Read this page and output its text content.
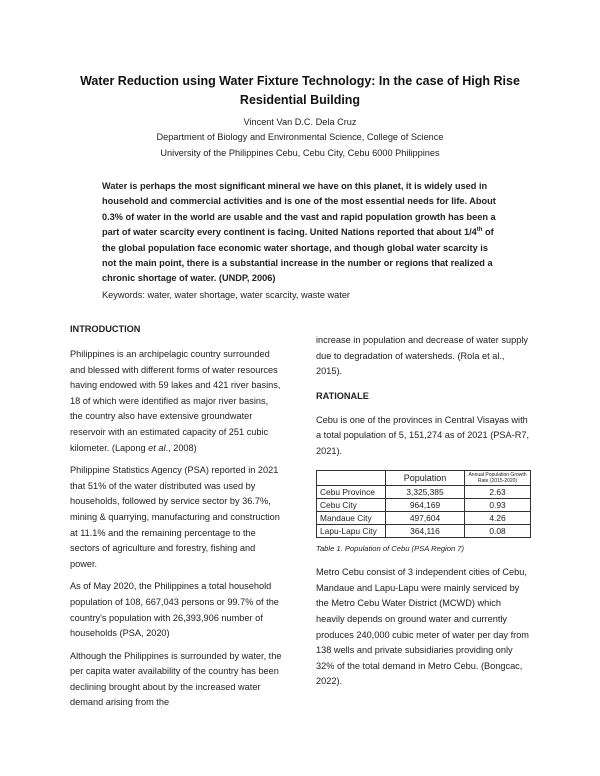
Water Reduction using Water Fixture Technology: In the case of High Rise Residential Building
Vincent Van D.C. Dela Cruz
Department of Biology and Environmental Science, College of Science
University of the Philippines Cebu, Cebu City, Cebu 6000 Philippines
Water is perhaps the most significant mineral we have on this planet, it is widely used in household and commercial activities and is one of the most essential needs for life. About 0.3% of water in the world are usable and the vast and rapid population growth has been a part of water scarcity every continent is facing. United Nations reported that about 1/4th of the global population face economic water shortage, and though global water scarcity is not the main point, there is a substantial increase in the number or regions that realized a chronic shortage of water. (UNDP, 2006)
Keywords: water, water shortage, water scarcity, waste water
INTRODUCTION

Philippines is an archipelagic country surrounded and blessed with different forms of water resources having endowed with 59 lakes and 421 river basins, 18 of which were identified as major river basins, the country also have extensive groundwater reservoir with an estimated capacity of 251 cubic kilometer. (Lapong et al., 2008)

Philippine Statistics Agency (PSA) reported in 2021 that 51% of the water distributed was used by households, followed by service sector by 36.7%, mining & quarrying, manufacturing and construction at 11.1% and the remaining percentage to the sectors of agriculture and forestry, fishing and power.

As of May 2020, the Philippines a total household population of 108, 667,043 persons or 99.7% of the country's population with 26,393,906 number of households (PSA, 2020)

Although the Philippines is surrounded by water, the per capita water availability of the country has been declining brought about by the increased water demand arising from the

increase in population and decrease of water supply due to degradation of watersheds. (Rola et al., 2015).

RATIONALE

Cebu is one of the provinces in Central Visayas with a total population of 5, 151,274 as of 2021 (PSA-R7, 2021).

	Population	Annual Population Growth Rate (2015-2020)
Cebu Province	3,325,385	2.63
Cebu City	964,169	0.93
Mandaue City	497,604	4.26
Lapu-Lapu City	364,116	0.08
Table 1. Population of Cebu (PSA Region 7)

Metro Cebu consist of 3 independent cities of Cebu, Mandaue and Lapu-Lapu were mainly serviced by the Metro Cebu Water District (MCWD) which heavily depends on ground water and currently produces 240,000 cubic meter of water per day from 138 wells and private subsidiaries providing only 32% of the total demand in Metro Cebu. (Bongcac, 2022).
